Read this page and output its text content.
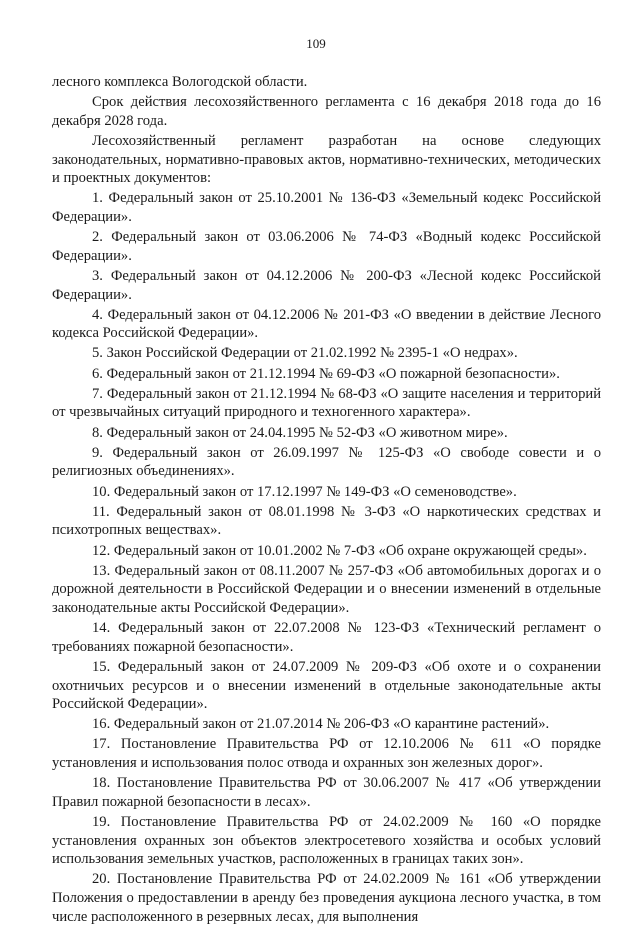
109

лесного комплекса Вологодской области.

Срок действия лесохозяйственного регламента с 16 декабря 2018 года до 16 декабря 2028 года.

Лесохозяйственный регламент разработан на основе следующих законодательных, нормативно-правовых актов, нормативно-технических, методических и проектных документов:

1. Федеральный закон от 25.10.2001 № 136-ФЗ «Земельный кодекс Российской Федерации».

2. Федеральный закон от 03.06.2006 № 74-ФЗ «Водный кодекс Российской Федерации».

3. Федеральный закон от 04.12.2006 № 200-ФЗ «Лесной кодекс Российской Федерации».

4. Федеральный закон от 04.12.2006 № 201-ФЗ «О введении в действие Лесного кодекса Российской Федерации».

5. Закон Российской Федерации от 21.02.1992 № 2395-1 «О недрах».

6. Федеральный закон от 21.12.1994 № 69-ФЗ «О пожарной безопасности».

7. Федеральный закон от 21.12.1994 № 68-ФЗ «О защите населения и территорий от чрезвычайных ситуаций природного и техногенного характера».

8. Федеральный закон от 24.04.1995 № 52-ФЗ «О животном мире».

9. Федеральный закон от 26.09.1997 № 125-ФЗ «О свободе совести и о религиозных объединениях».

10. Федеральный закон от 17.12.1997 № 149-ФЗ «О семеноводстве».

11. Федеральный закон от 08.01.1998 № 3-ФЗ «О наркотических средствах и психотропных веществах».

12. Федеральный закон от 10.01.2002 № 7-ФЗ «Об охране окружающей среды».

13. Федеральный закон от 08.11.2007 № 257-ФЗ «Об автомобильных дорогах и о дорожной деятельности в Российской Федерации и о внесении изменений в отдельные законодательные акты Российской Федерации».

14. Федеральный закон от 22.07.2008 № 123-ФЗ «Технический регламент о требованиях пожарной безопасности».

15. Федеральный закон от 24.07.2009 № 209-ФЗ «Об охоте и о сохранении охотничьих ресурсов и о внесении изменений в отдельные законодательные акты Российской Федерации».

16. Федеральный закон от 21.07.2014 № 206-ФЗ «О карантине растений».

17. Постановление Правительства РФ от 12.10.2006 № 611 «О порядке установления и использования полос отвода и охранных зон железных дорог».

18. Постановление Правительства РФ от 30.06.2007 № 417 «Об утверждении Правил пожарной безопасности в лесах».

19. Постановление Правительства РФ от 24.02.2009 № 160 «О порядке установления охранных зон объектов электросетевого хозяйства и особых условий использования земельных участков, расположенных в границах таких зон».

20. Постановление Правительства РФ от 24.02.2009 № 161 «Об утверждении Положения о предоставлении в аренду без проведения аукциона лесного участка, в том числе расположенного в резервных лесах, для выполнения
